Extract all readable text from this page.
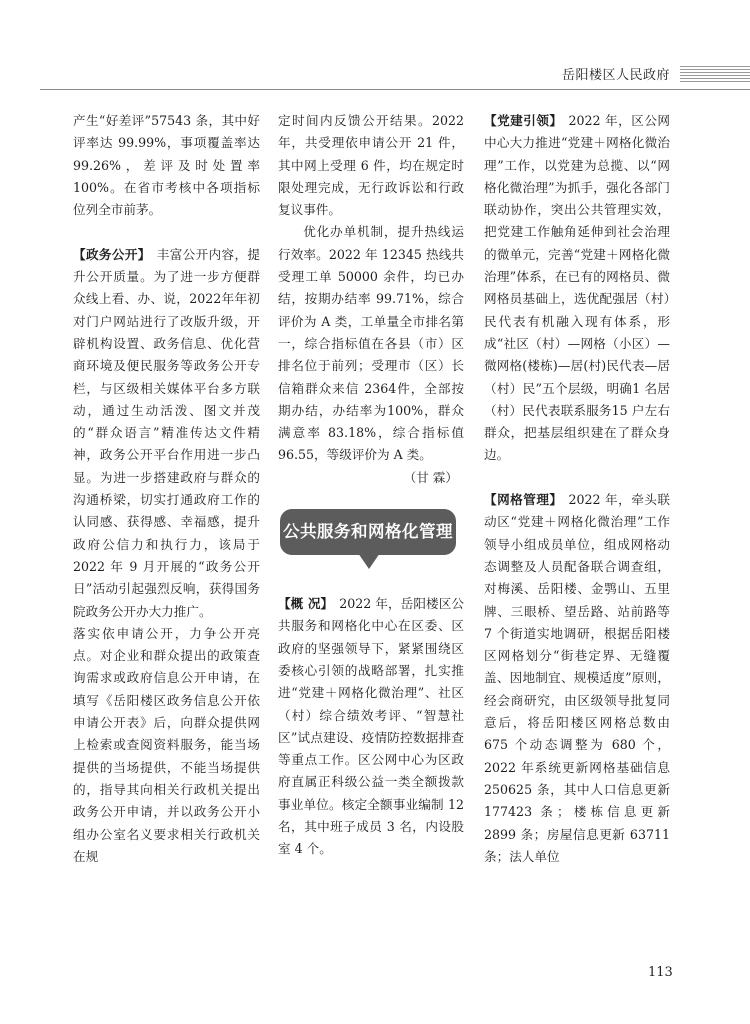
岳阳楼区人民政府

产生“好差评”57543 条，其中好评率达 99.99%，事项覆盖率达 99.26%，差评及时处置率100%。在省市考核中各项指标位列全市前茅。

【政务公开】 丰富公开内容，提升公开质量。为了进一步方便群众线上看、办、说，2022年年初对门户网站进行了改版升级，开辟机构设置、政务信息、优化营商环境及便民服务等政务公开专栏，与区级相关媒体平台多方联动，通过生动活泼、图文并茂的“群众语言”精准传达文件精神，政务公开平台作用进一步凸显。为进一步搭建政府与群众的沟通桥梁，切实打通政府工作的认同感、获得感、幸福感，提升政府公信力和执行力，该局于2022 年 9 月开展的“政务公开日”活动引起强烈反响，获得国务院政务公开办大力推广。

落实依申请公开，力争公开亮点。对企业和群众提出的政策查询需求或政府信息公开申请，在填写《岳阳楼区政务信息公开依申请公开表》后，向群众提供网上检索或查阅资料服务，能当场提供的当场提供，不能当场提供的，指导其向相关行政机关提出政务公开申请，并以政务公开小组办公室名义要求相关行政机关在规

定时间内反馈公开结果。2022年，共受理依申请公开 21 件，其中网上受理 6 件，均在规定时限处理完成，无行政诉讼和行政复议事件。

优化办单机制，提升热线运行效率。2022 年 12345 热线共受理工单 50000 余件，均已办结，按期办结率 99.71%，综合评价为 A 类，工单量全市排名第一，综合指标值在各县（市）区排名位于前列；受理市（区）长信箱群众来信 2364件，全部按期办结，办结率为100%，群众满意率 83.18%，综合指标值 96.55，等级评价为 A 类。

（甘 霖）

公共服务和网格化管理

【概 况】 2022 年，岳阳楼区公共服务和网格化中心在区委、区政府的坚强领导下，紧紧围绕区委核心引领的战略部署，扎实推进“党建＋网格化微治理”、社区（村）综合绩效考评、“智慧社区”试点建设、疫情防控数据排查等重点工作。区公网中心为区政府直属正科级公益一类全额拨款事业单位。核定全额事业编制 12名，其中班子成员 3 名，内设股室 4 个。

【党建引领】 2022 年，区公网中心大力推进“党建＋网格化微治理”工作，以党建为总揽、以“网格化微治理”为抓手，强化各部门联动协作，突出公共管理实效，把党建工作触角延伸到社会治理的微单元，完善“党建＋网格化微治理”体系，在已有的网格员、微网格员基础上，选优配强居（村）民代表有机融入现有体系，形成“社区（村）—网格（小区）—微网格(楼栋)—居(村)民代表—居（村）民”五个层级，明确1 名居（村）民代表联系服务15 户左右群众，把基层组织建在了群众身边。

【网格管理】 2022 年，牵头联动区“党建＋网格化微治理”工作领导小组成员单位，组成网格动态调整及人员配备联合调查组，对梅溪、岳阳楼、金鹗山、五里牌、三眼桥、望岳路、站前路等 7 个街道实地调研，根据岳阳楼区网格划分“街巷定界、无缝覆盖、因地制宜、规模适度”原则，经会商研究，由区级领导批复同意后，将岳阳楼区网格总数由 675 个动态调整为 680 个，2022 年系统更新网格基础信息 250625 条，其中人口信息更新 177423 条；楼栋信息更新 2899 条；房屋信息更新 63711 条；法人单位

113
